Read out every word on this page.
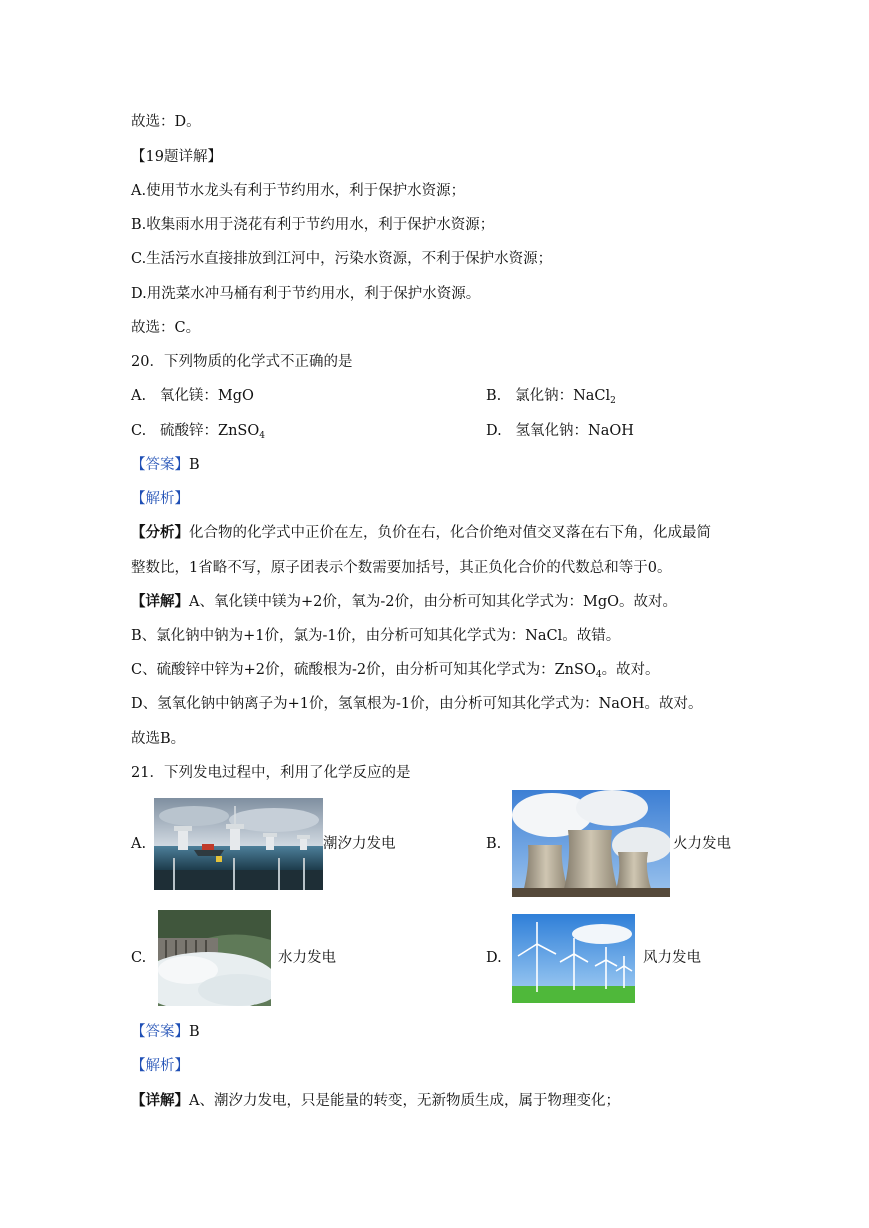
故选：D。
【19题详解】
A.使用节水龙头有利于节约用水，利于保护水资源；
B.收集雨水用于浇花有利于节约用水，利于保护水资源；
C.生活污水直接排放到江河中，污染水资源，不利于保护水资源；
D.用洗菜水冲马桶有利于节约用水，利于保护水资源。
故选：C。
20．下列物质的化学式不正确的是
A. 氧化镁：MgO	B. 氯化钠：NaCl$_2$
C. 硫酸锌：ZnSO$_4$	D. 氢氧化钠：NaOH
【答案】B
【解析】
【分析】化合物的化学式中正价在左，负价在右，化合价绝对值交叉落在右下角，化成最简
整数比，1省略不写，原子团表示个数需要加括号，其正负化合价的代数总和等于0。
【详解】A、氧化镁中镁为+2价，氧为-2价，由分析可知其化学式为：MgO。故对。
B、氯化钠中钠为+1价，氯为-1价，由分析可知其化学式为：NaCl。故错。
C、硫酸锌中锌为+2价，硫酸根为-2价，由分析可知其化学式为：ZnSO$_4$。故对。
D、氢氧化钠中钠离子为+1价，氢氧根为-1价，由分析可知其化学式为：NaOH。故对。
故选B。
21．下列发电过程中，利用了化学反应的是
A.	潮汐力发电	B.	火力发电
C.	水力发电	D.	风力发电
【答案】B
【解析】
【详解】A、潮汐力发电，只是能量的转变，无新物质生成，属于物理变化；
